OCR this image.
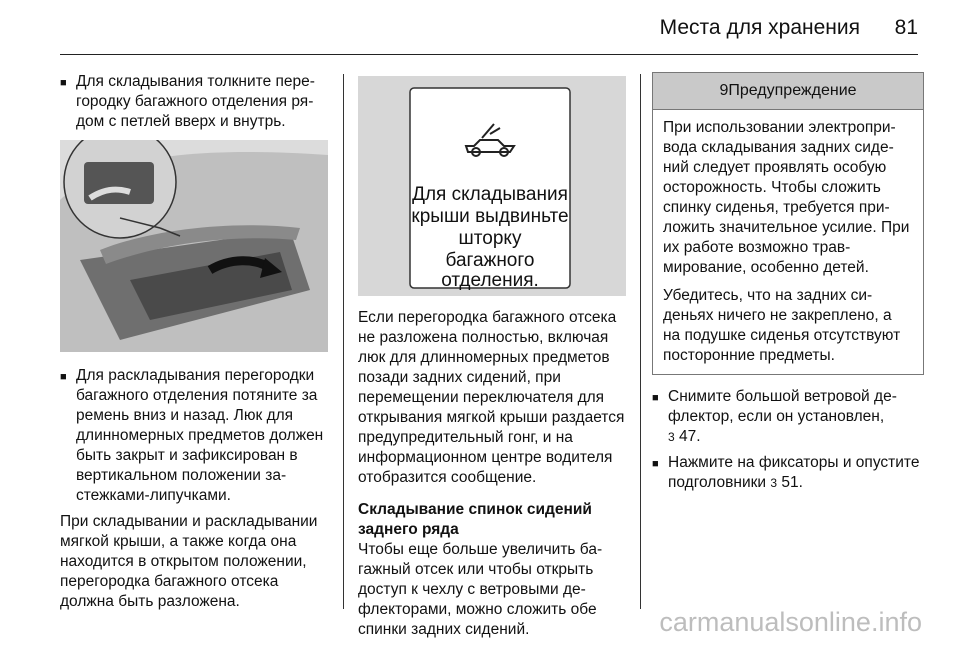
Места для хранения 81
■ Для складывания толкните перегородку багажного отделения рядом с петлей вверх и внутрь.
■ Для раскладывания перегородки багажного отделения потяните за ремень вниз и назад. Люк для длинномерных предметов должен быть закрыт и зафиксирован в вертикальном положении застежками-липучками.

При складывании и раскладывании мягкой крыши, а также когда она находится в открытом положении, перегородка багажного отсека должна быть разложена.

Для складывания
крыши выдвиньте
шторку
багажного
отделения.

Если перегородка багажного отсека не разложена полностью, включая люк для длинномерных предметов позади задних сидений, при перемещении переключателя для открывания мягкой крыши раздается предупредительный гонг, и на информационном центре водителя отобразится сообщение.

Складывание спинок сидений заднего ряда

Чтобы еще больше увеличить багажный отсек или чтобы открыть доступ к чехлу с ветровыми дефлекторами, можно сложить обе спинки задних сидений.

9Предупреждение

При использовании электропривода складывания задних сидений следует проявлять особую осторожность. Чтобы сложить спинку сиденья, требуется приложить значительное усилие. При их работе возможно травмирование, особенно детей.

Убедитесь, что на задних сиденьях ничего не закреплено, а на подушке сиденья отсутствуют посторонние предметы.

■ Снимите большой ветровой дефлектор, если он установлен,
3 47.
■ Нажмите на фиксаторы и опустите подголовники 3 51.
carmanualsonline.info
